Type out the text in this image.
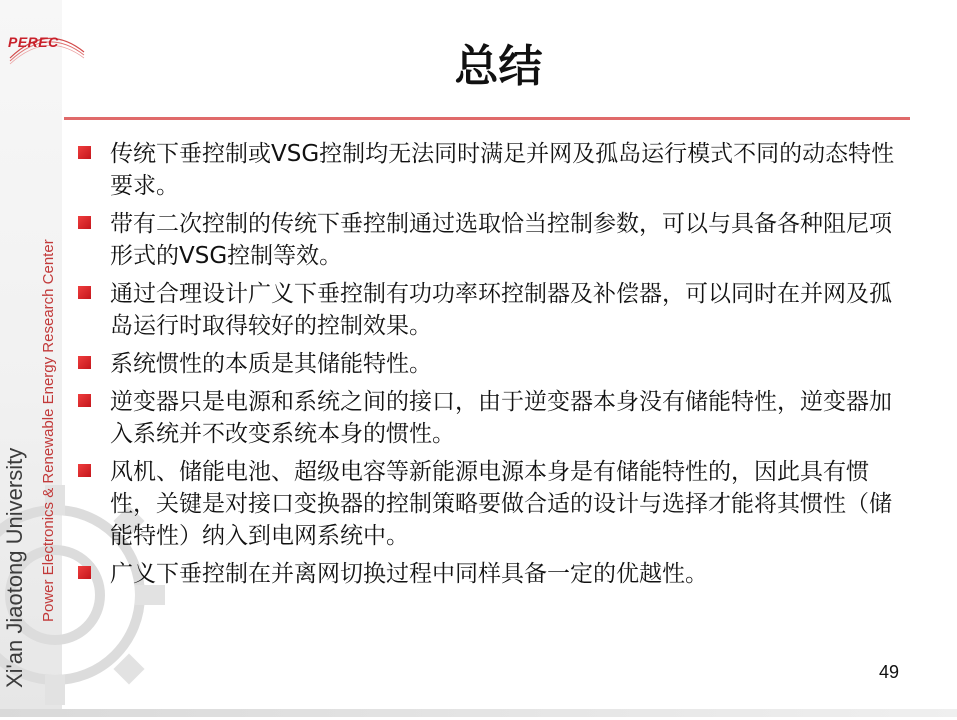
PEREC
Xi'an Jiaotong University Power Electronics & Renewable Energy Research Center
总结
传统下垂控制或VSG控制均无法同时满足并网及孤岛运行模式不同的动态特性要求。
带有二次控制的传统下垂控制通过选取恰当控制参数，可以与具备各种阻尼项形式的VSG控制等效。
通过合理设计广义下垂控制有功功率环控制器及补偿器，可以同时在并网及孤岛运行时取得较好的控制效果。
系统惯性的本质是其储能特性。
逆变器只是电源和系统之间的接口，由于逆变器本身没有储能特性，逆变器加入系统并不改变系统本身的惯性。
风机、储能电池、超级电容等新能源电源本身是有储能特性的，因此具有惯性，关键是对接口变换器的控制策略要做合适的设计与选择才能将其惯性（储能特性）纳入到电网系统中。
广义下垂控制在并离网切换过程中同样具备一定的优越性。
49
